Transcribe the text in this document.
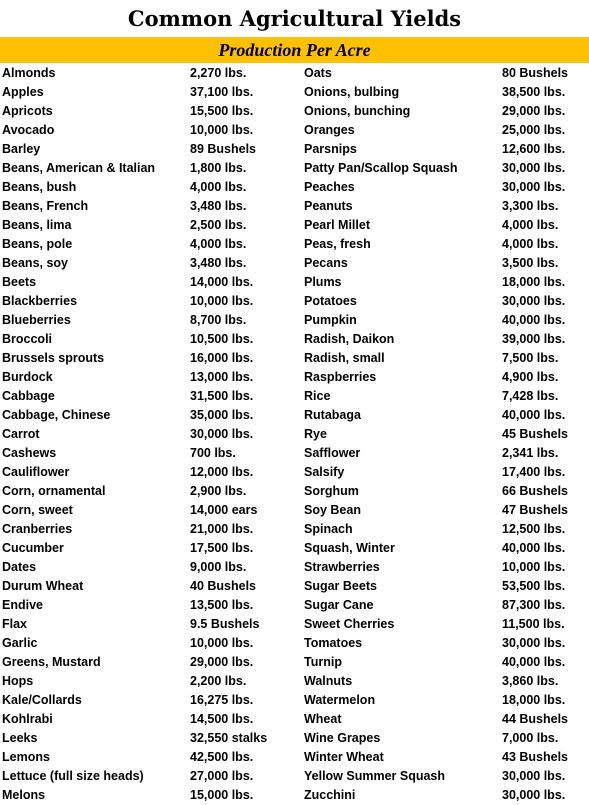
Common Agricultural Yields
Production Per Acre
Almonds	2,270 lbs.	Oats	80 Bushels
Apples	37,100 lbs.	Onions, bulbing	38,500 lbs.
Apricots	15,500 lbs.	Onions, bunching	29,000 lbs.
Avocado	10,000 lbs.	Oranges	25,000 lbs.
Barley	89 Bushels	Parsnips	12,600 lbs.
Beans, American & Italian	1,800 lbs.	Patty Pan/Scallop Squash	30,000 lbs.
Beans, bush	4,000 lbs.	Peaches	30,000 lbs.
Beans, French	3,480 lbs.	Peanuts	3,300 lbs.
Beans, lima	2,500 lbs.	Pearl Millet	4,000 lbs.
Beans, pole	4,000 lbs.	Peas, fresh	4,000 lbs.
Beans, soy	3,480 lbs.	Pecans	3,500 lbs.
Beets	14,000 lbs.	Plums	18,000 lbs.
Blackberries	10,000 lbs.	Potatoes	30,000 lbs.
Blueberries	8,700 lbs.	Pumpkin	40,000 lbs.
Broccoli	10,500 lbs.	Radish, Daikon	39,000 lbs.
Brussels sprouts	16,000 lbs.	Radish, small	7,500 lbs.
Burdock	13,000 lbs.	Raspberries	4,900 lbs.
Cabbage	31,500 lbs.	Rice	7,428 lbs.
Cabbage, Chinese	35,000 lbs.	Rutabaga	40,000 lbs.
Carrot	30,000 lbs.	Rye	45 Bushels
Cashews	700 lbs.	Safflower	2,341 lbs.
Cauliflower	12,000 lbs.	Salsify	17,400 lbs.
Corn, ornamental	2,900 lbs.	Sorghum	66 Bushels
Corn, sweet	14,000 ears	Soy Bean	47 Bushels
Cranberries	21,000 lbs.	Spinach	12,500 lbs.
Cucumber	17,500 lbs.	Squash, Winter	40,000 lbs.
Dates	9,000 lbs.	Strawberries	10,000 lbs.
Durum Wheat	40 Bushels	Sugar Beets	53,500 lbs.
Endive	13,500 lbs.	Sugar Cane	87,300 lbs.
Flax	9.5 Bushels	Sweet Cherries	11,500 lbs.
Garlic	10,000 lbs.	Tomatoes	30,000 lbs.
Greens, Mustard	29,000 lbs.	Turnip	40,000 lbs.
Hops	2,200 lbs.	Walnuts	3,860 lbs.
Kale/Collards	16,275 lbs.	Watermelon	18,000 lbs.
Kohlrabi	14,500 lbs.	Wheat	44 Bushels
Leeks	32,550 stalks	Wine Grapes	7,000 lbs.
Lemons	42,500 lbs.	Winter Wheat	43 Bushels
Lettuce (full size heads)	27,000 lbs.	Yellow Summer Squash	30,000 lbs.
Melons	15,000 lbs.	Zucchini	30,000 lbs.
